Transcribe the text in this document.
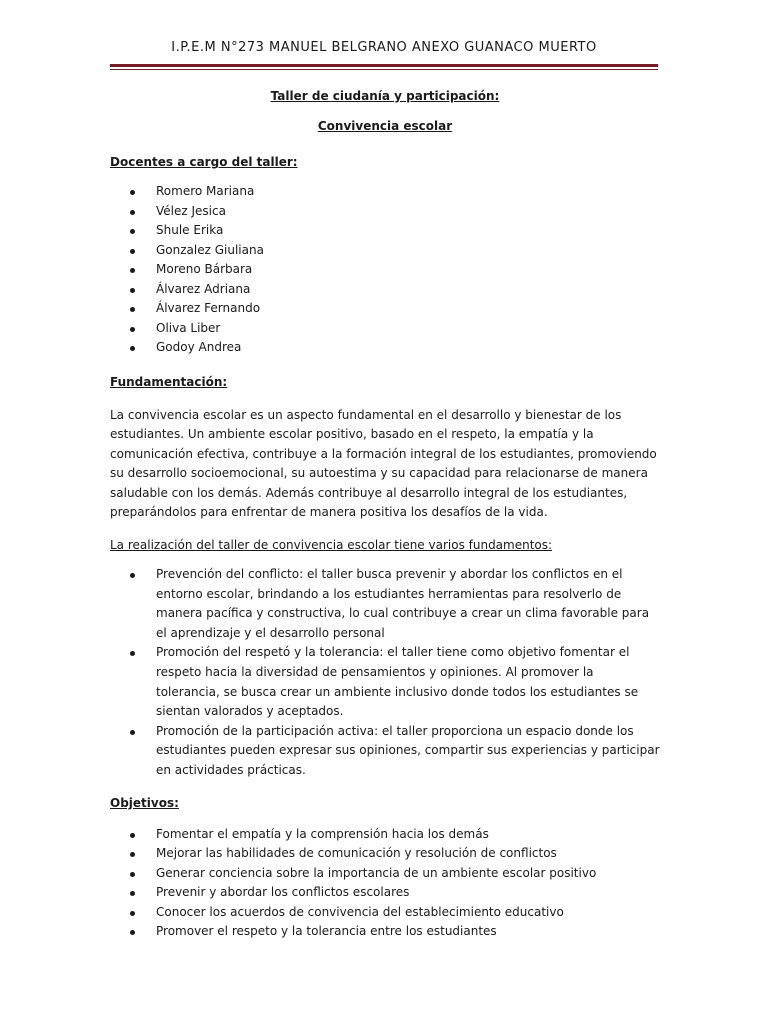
I.P.E.M N°273 MANUEL BELGRANO ANEXO GUANACO MUERTO

Taller de ciudanía y participación:

Convivencia escolar

Docentes a cargo del taller:

Romero Mariana
Vélez Jesica
Shule Erika
Gonzalez Giuliana
Moreno Bárbara
Álvarez Adriana
Álvarez Fernando
Oliva Liber
Godoy Andrea

Fundamentación:

La convivencia escolar es un aspecto fundamental en el desarrollo y bienestar de los estudiantes. Un ambiente escolar positivo, basado en el respeto, la empatía y la comunicación efectiva, contribuye a la formación integral de los estudiantes, promoviendo su desarrollo socioemocional, su autoestima y su capacidad para relacionarse de manera saludable con los demás. Además contribuye al desarrollo integral de los estudiantes, preparándolos para enfrentar de manera positiva los desafíos de la vida.

La realización del taller de convivencia escolar tiene varios fundamentos:

Prevención del conflicto: el taller busca prevenir y abordar los conflictos en el entorno escolar, brindando a los estudiantes herramientas para resolverlo de manera pacífica y constructiva, lo cual contribuye a crear un clima favorable para el aprendizaje y el desarrollo personal
Promoción del respetó y la tolerancia: el taller tiene como objetivo fomentar el respeto hacia la diversidad de pensamientos y opiniones. Al promover la tolerancia, se busca crear un ambiente inclusivo donde todos los estudiantes se sientan valorados y aceptados.
Promoción de la participación activa: el taller proporciona un espacio donde los estudiantes pueden expresar sus opiniones, compartir sus experiencias y participar en actividades prácticas.

Objetivos:

Fomentar el empatía y la comprensión hacia los demás
Mejorar las habilidades de comunicación y resolución de conflictos
Generar conciencia sobre la importancia de un ambiente escolar positivo
Prevenir y abordar los conflictos escolares
Conocer los acuerdos de convivencia del establecimiento educativo
Promover el respeto y la tolerancia entre los estudiantes
